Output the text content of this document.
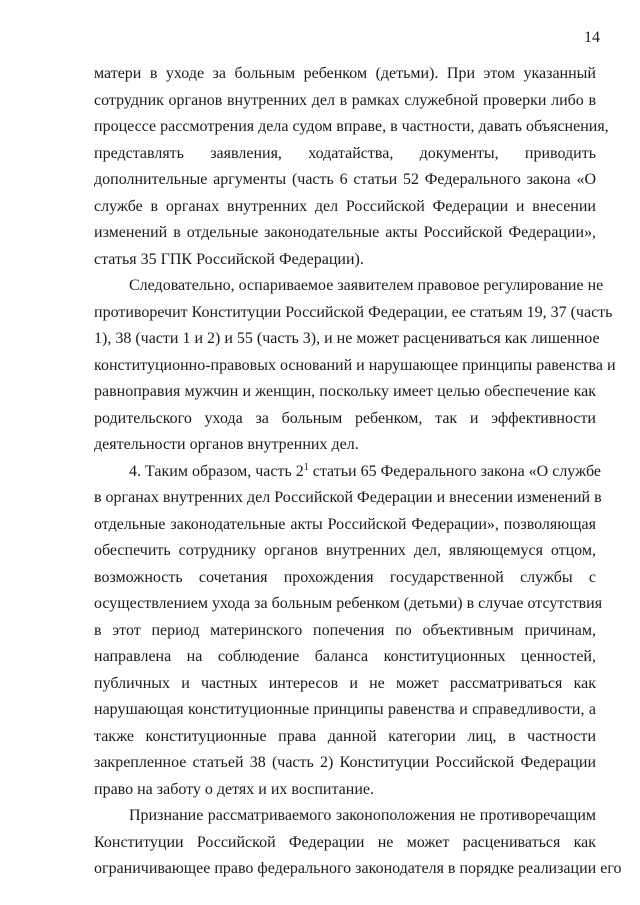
14

матери в уходе за больным ребенком (детьми). При этом указанный
сотрудник органов внутренних дел в рамках служебной проверки либо в
процессе рассмотрения дела судом вправе, в частности, давать объяснения,
представлять заявления, ходатайства, документы, приводить
дополнительные аргументы (часть 6 статьи 52 Федерального закона «О
службе в органах внутренних дел Российской Федерации и внесении
изменений в отдельные законодательные акты Российской Федерации»,
статья 35 ГПК Российской Федерации).

Следовательно, оспариваемое заявителем правовое регулирование не
противоречит Конституции Российской Федерации, ее статьям 19, 37 (часть
1), 38 (части 1 и 2) и 55 (часть 3), и не может расцениваться как лишенное
конституционно-правовых оснований и нарушающее принципы равенства и
равноправия мужчин и женщин, поскольку имеет целью обеспечение как
родительского ухода за больным ребенком, так и эффективности
деятельности органов внутренних дел.

4. Таким образом, часть $2^1$ статьи 65 Федерального закона «О службе
в органах внутренних дел Российской Федерации и внесении изменений в
отдельные законодательные акты Российской Федерации», позволяющая
обеспечить сотруднику органов внутренних дел, являющемуся отцом,
возможность сочетания прохождения государственной службы с
осуществлением ухода за больным ребенком (детьми) в случае отсутствия
в этот период материнского попечения по объективным причинам,
направлена на соблюдение баланса конституционных ценностей,
публичных и частных интересов и не может рассматриваться как
нарушающая конституционные принципы равенства и справедливости, а
также конституционные права данной категории лиц, в частности
закрепленное статьей 38 (часть 2) Конституции Российской Федерации
право на заботу о детях и их воспитание.

Признание рассматриваемого законоположения не противоречащим
Конституции Российской Федерации не может расцениваться как
ограничивающее право федерального законодателя в порядке реализации его
